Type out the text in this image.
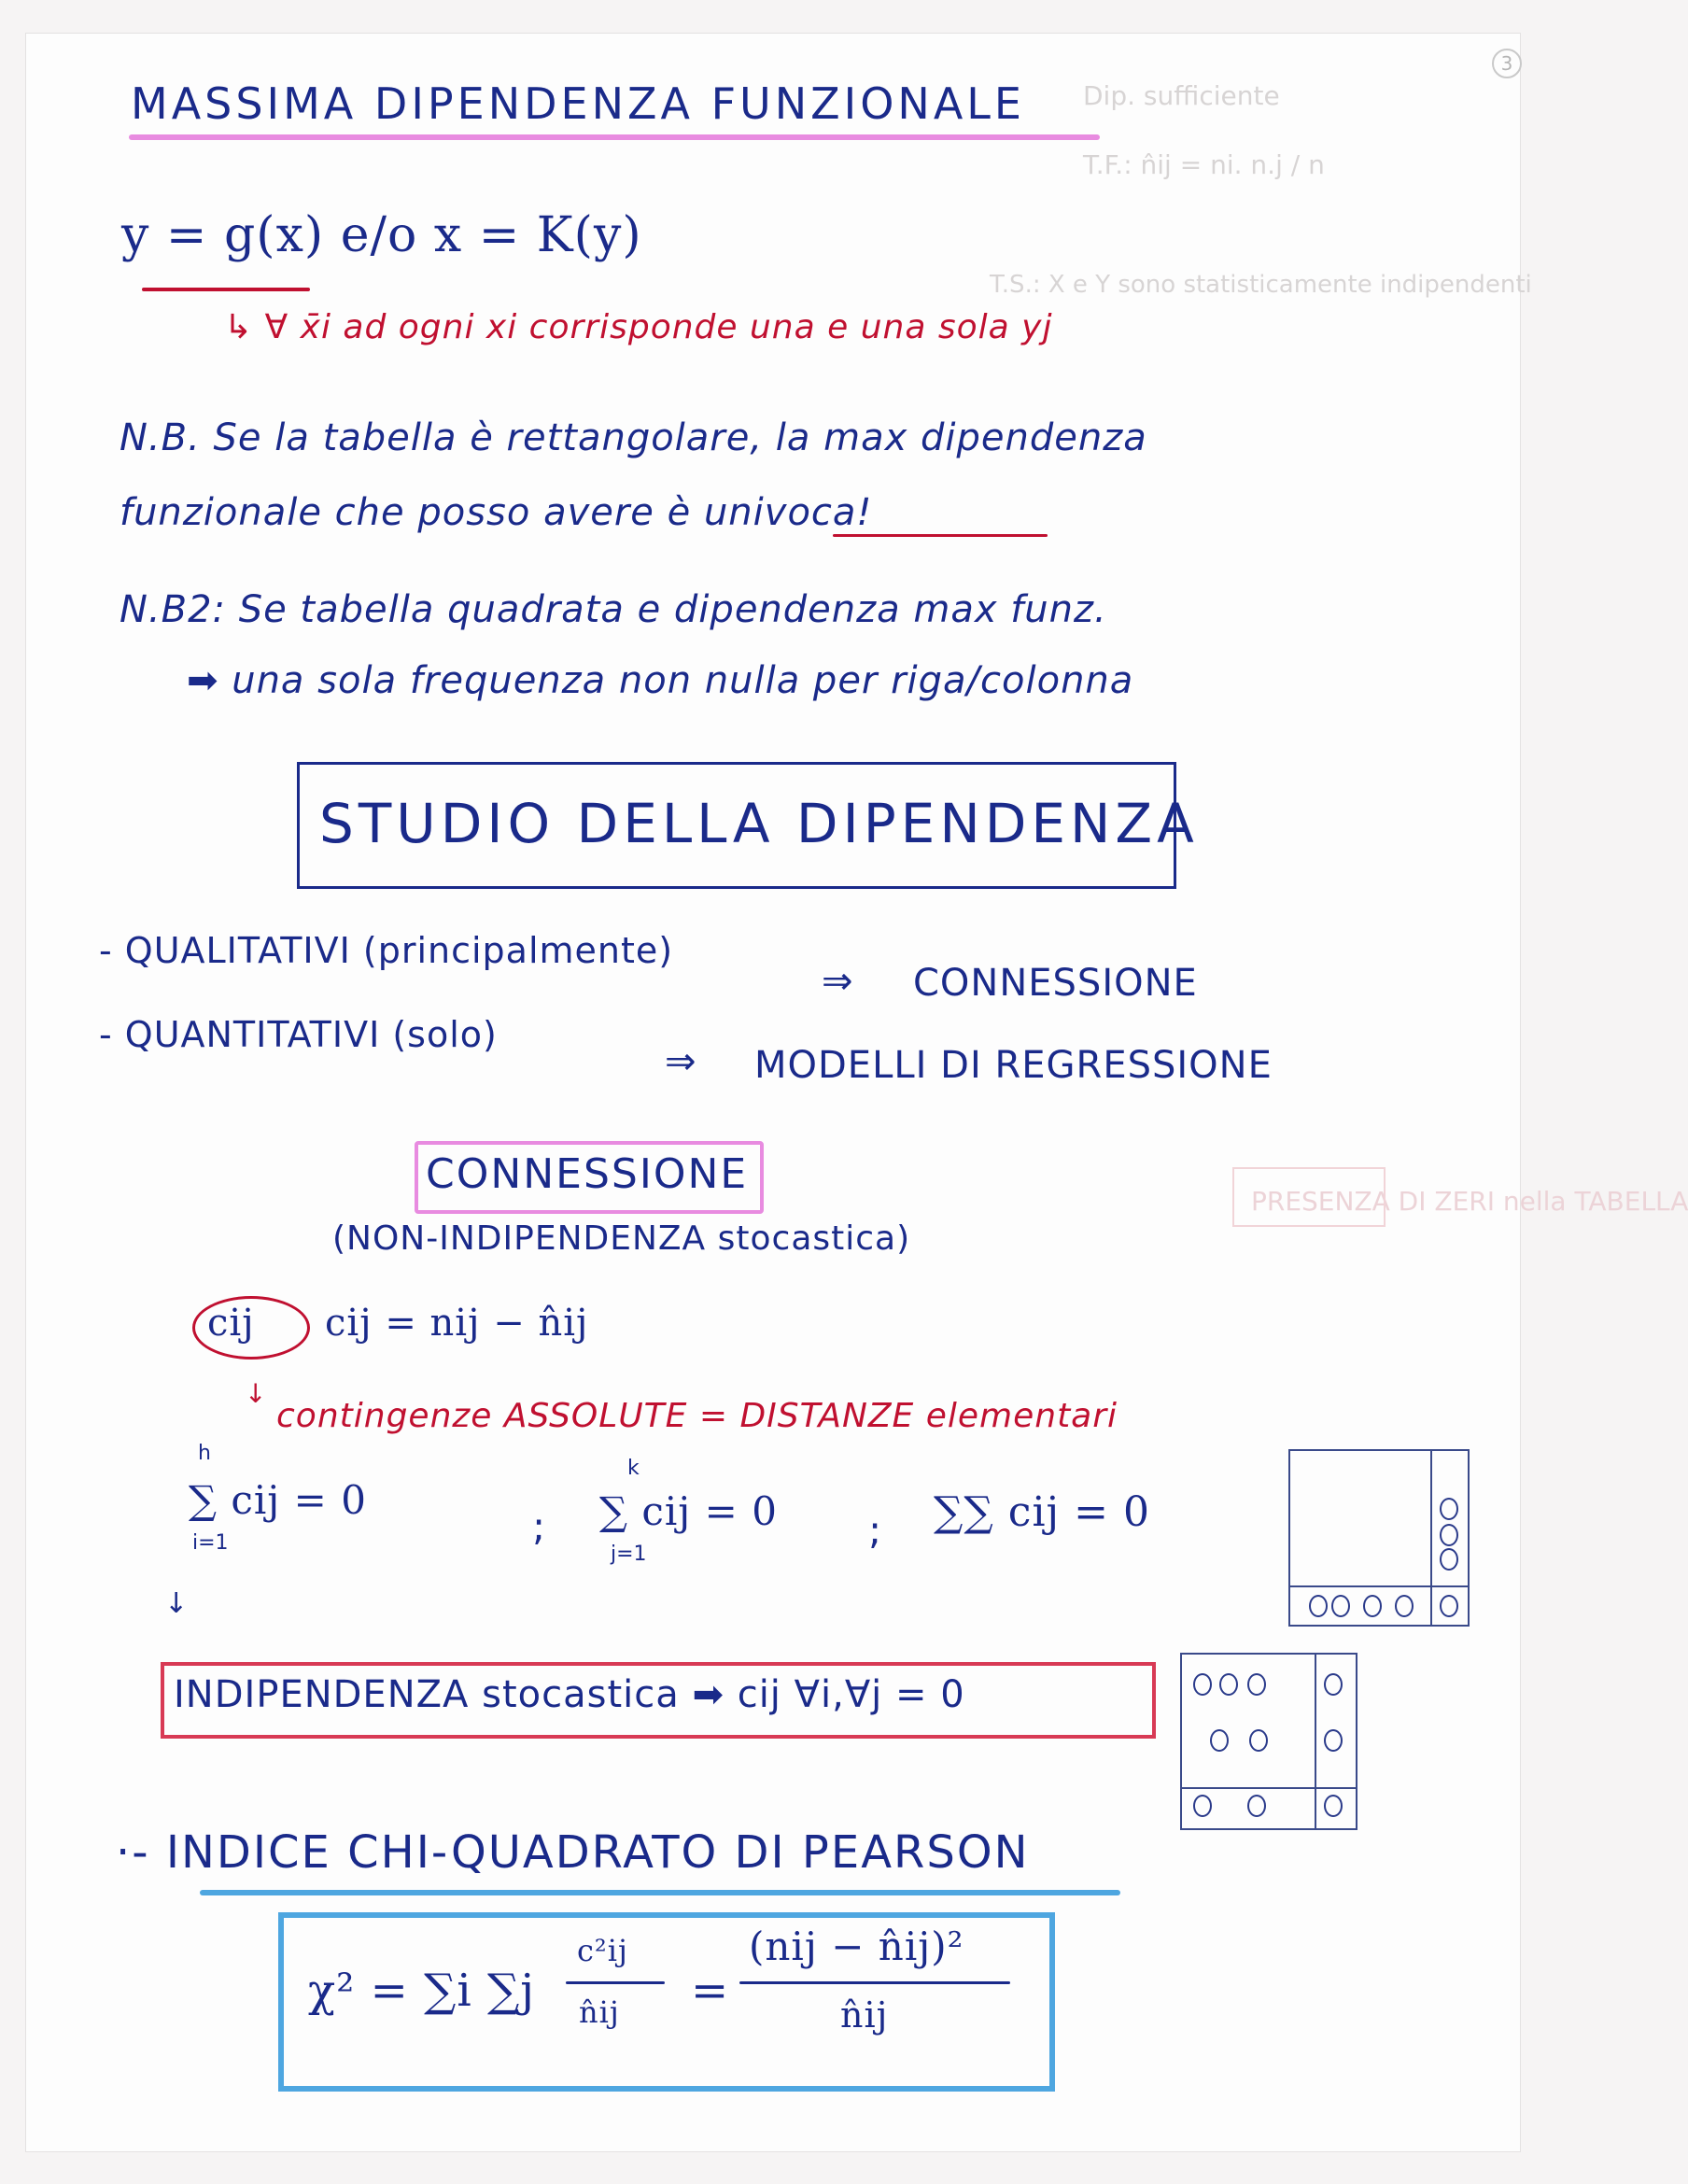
3
Dip. sufficiente
T.F.: n̂ij = ni. n.j / n
T.S.: X e Y sono statisticamente indipendenti
PRESENZA DI ZERI nella TABELLA
MASSIMA DIPENDENZA FUNZIONALE
y = g(x) e/o x = K(y)
↳ ∀ x̄i ad ogni xi corrisponde una e una sola yj
N.B. Se la tabella è rettangolare, la max dipendenza
funzionale che posso avere è univoca!
N.B2: Se tabella quadrata e dipendenza max funz.
➡ una sola frequenza non nulla per riga/colonna
STUDIO DELLA DIPENDENZA
- QUALITATIVI (principalmente)
⇒ CONNESSIONE
- QUANTITATIVI (solo)
⇒ MODELLI DI REGRESSIONE
CONNESSIONE
(NON-INDIPENDENZA stocastica)
cij cij = nij − n̂ij
↓
contingenze ASSOLUTE = DISTANZE elementari
h
∑ cij = 0
i=1	;
k
∑ cij = 0
j=1
; ∑∑ cij = 0
↓
INDIPENDENZA stocastica ➡ cij ∀i,∀j = 0
·- INDICE CHI-QUADRATO DI PEARSON
χ² = ∑i ∑j
c²ij
n̂ij =
(nij − n̂ij)²
n̂ij
